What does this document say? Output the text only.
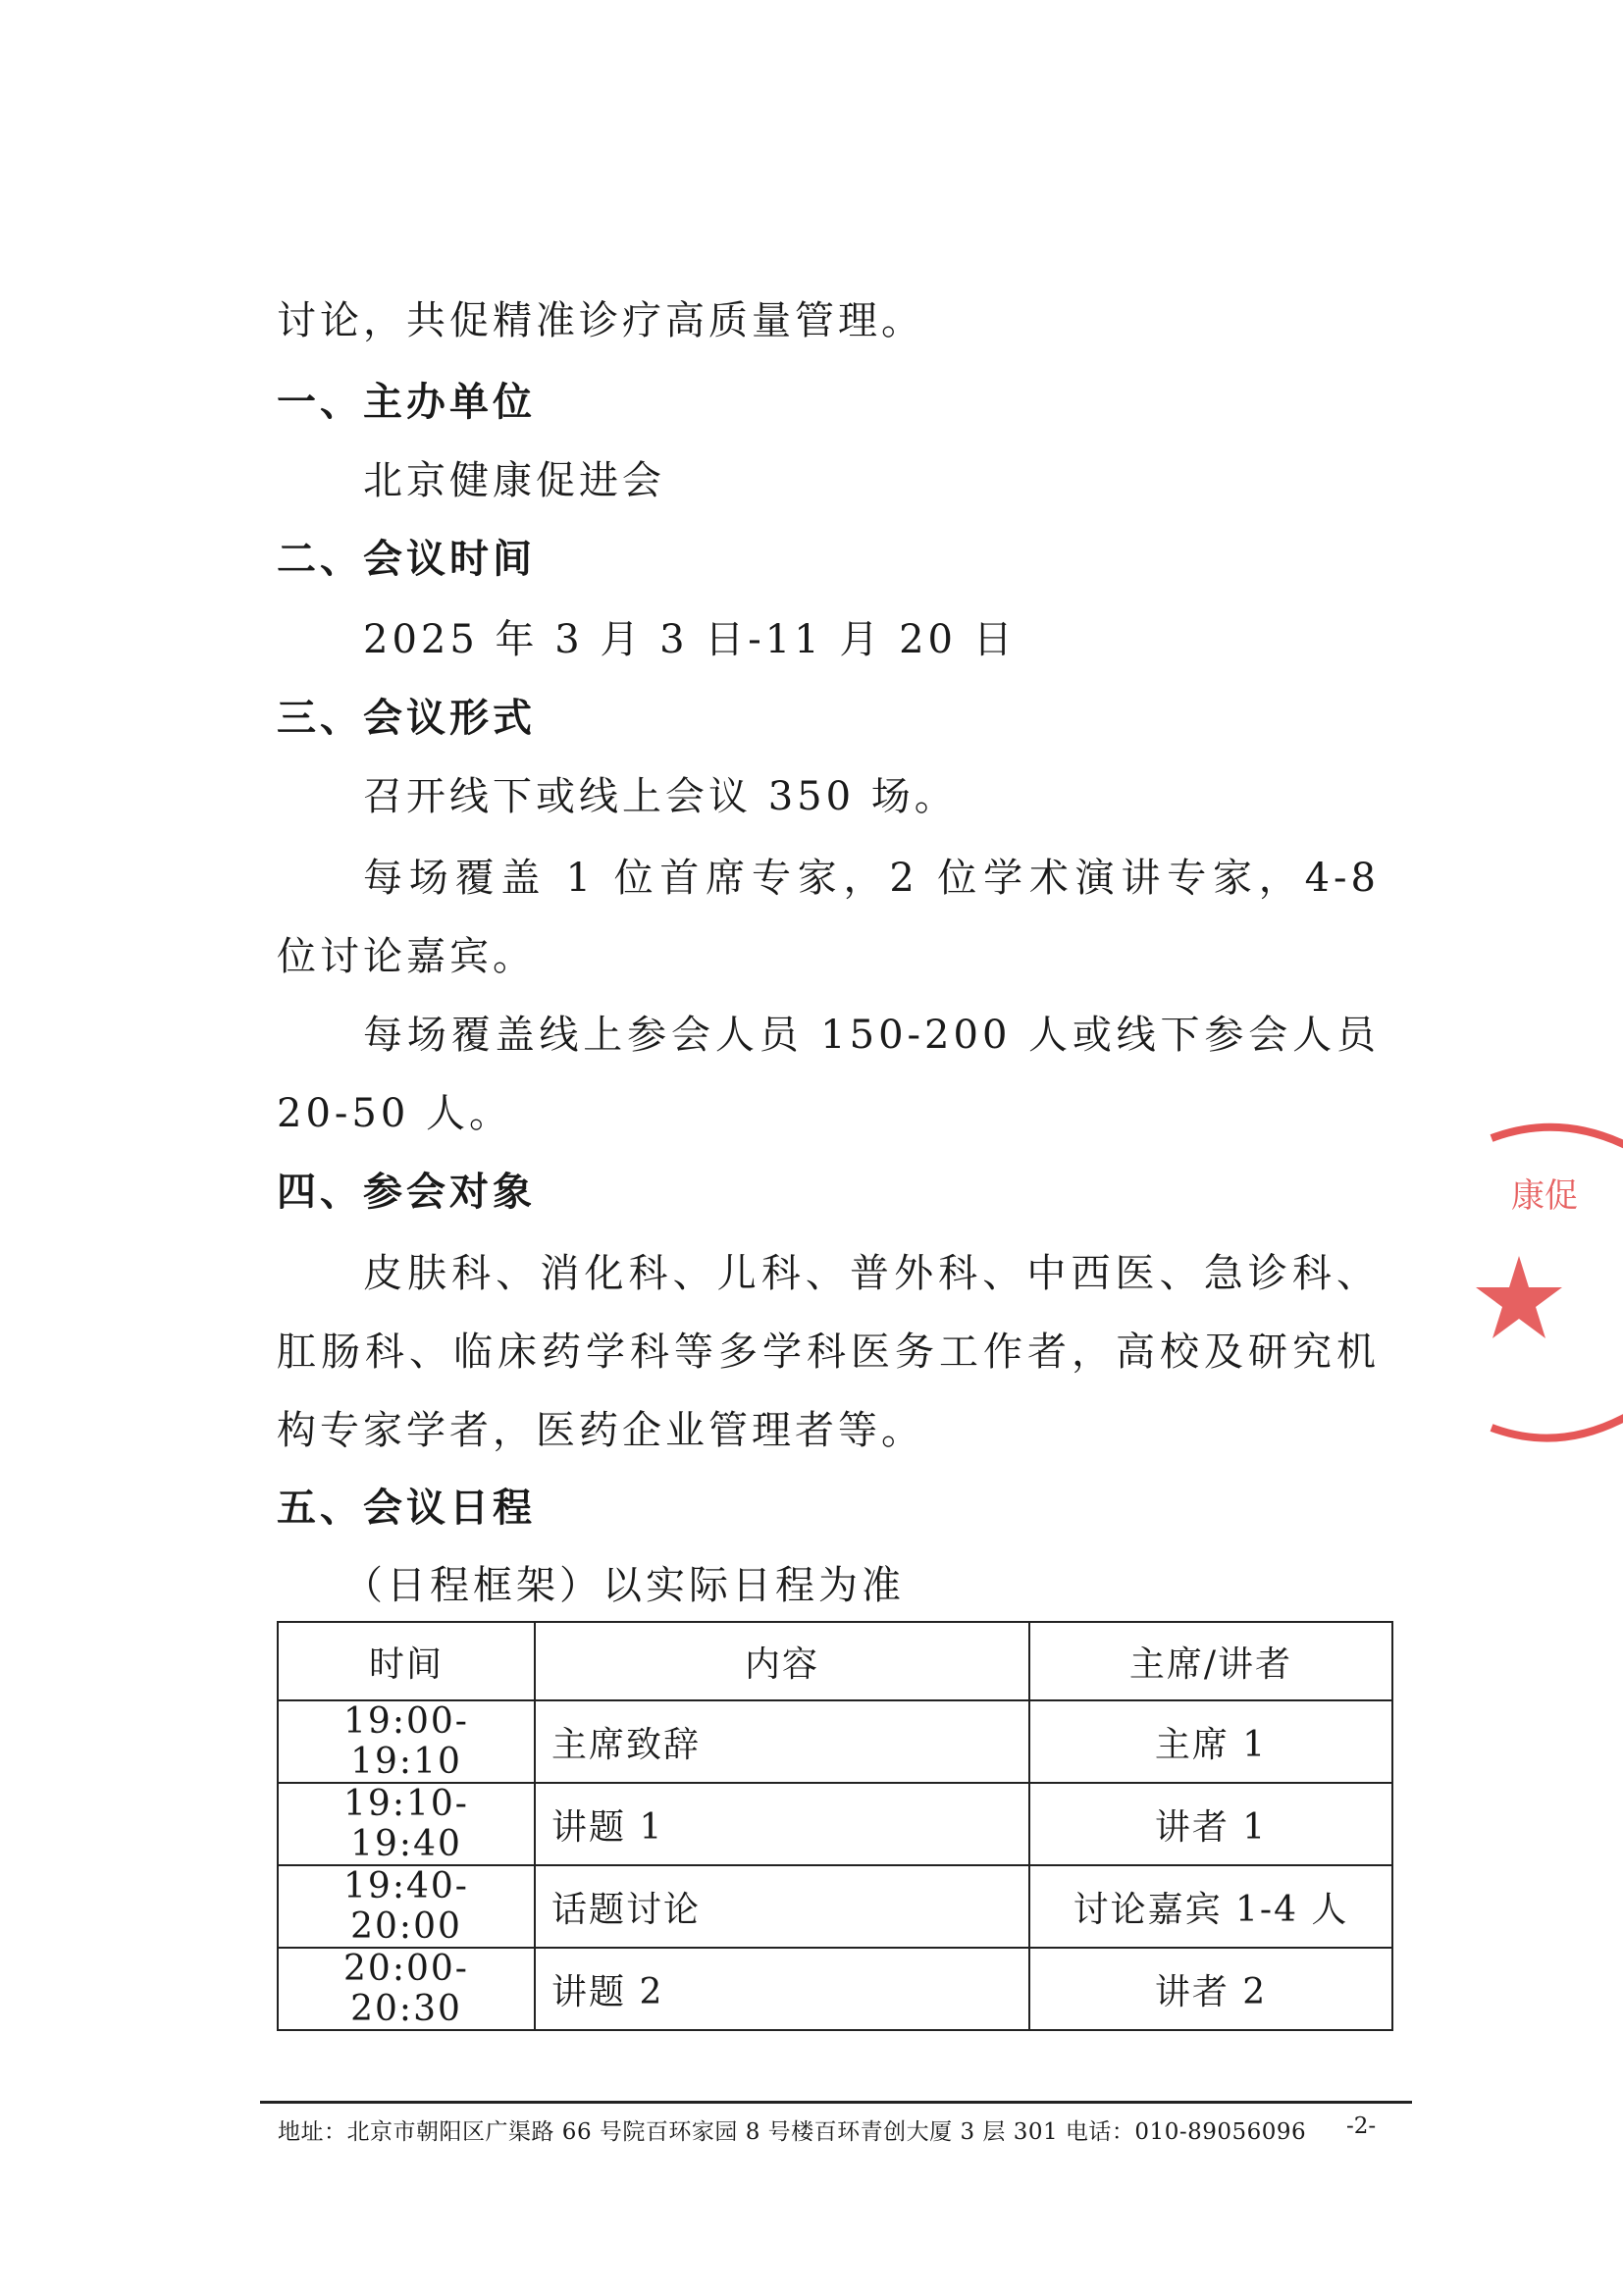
讨论，共促精准诊疗高质量管理。
一、主办单位
北京健康促进会
二、会议时间
2025 年 3 月 3 日-11 月 20 日
三、会议形式
召开线下或线上会议 350 场。
每场覆盖 1 位首席专家，2 位学术演讲专家，4-8 位讨论嘉宾。
每场覆盖线上参会人员 150-200 人或线下参会人员 20-50 人。
四、参会对象
皮肤科、消化科、儿科、普外科、中西医、急诊科、肛肠科、临床药学科等多学科医务工作者，高校及研究机构专家学者，医药企业管理者等。
五、会议日程
（日程框架）以实际日程为准
时间	内容	主席/讲者
19:00-19:10	主席致辞	主席 1
19:10-19:40	讲题 1	讲者 1
19:40-20:00	话题讨论	讨论嘉宾 1-4 人
20:00-20:30	讲题 2	讲者 2
地址：北京市朝阳区广渠路 66 号院百环家园 8 号楼百环青创大厦 3 层 301 电话：010-89056096 -2-
康促
